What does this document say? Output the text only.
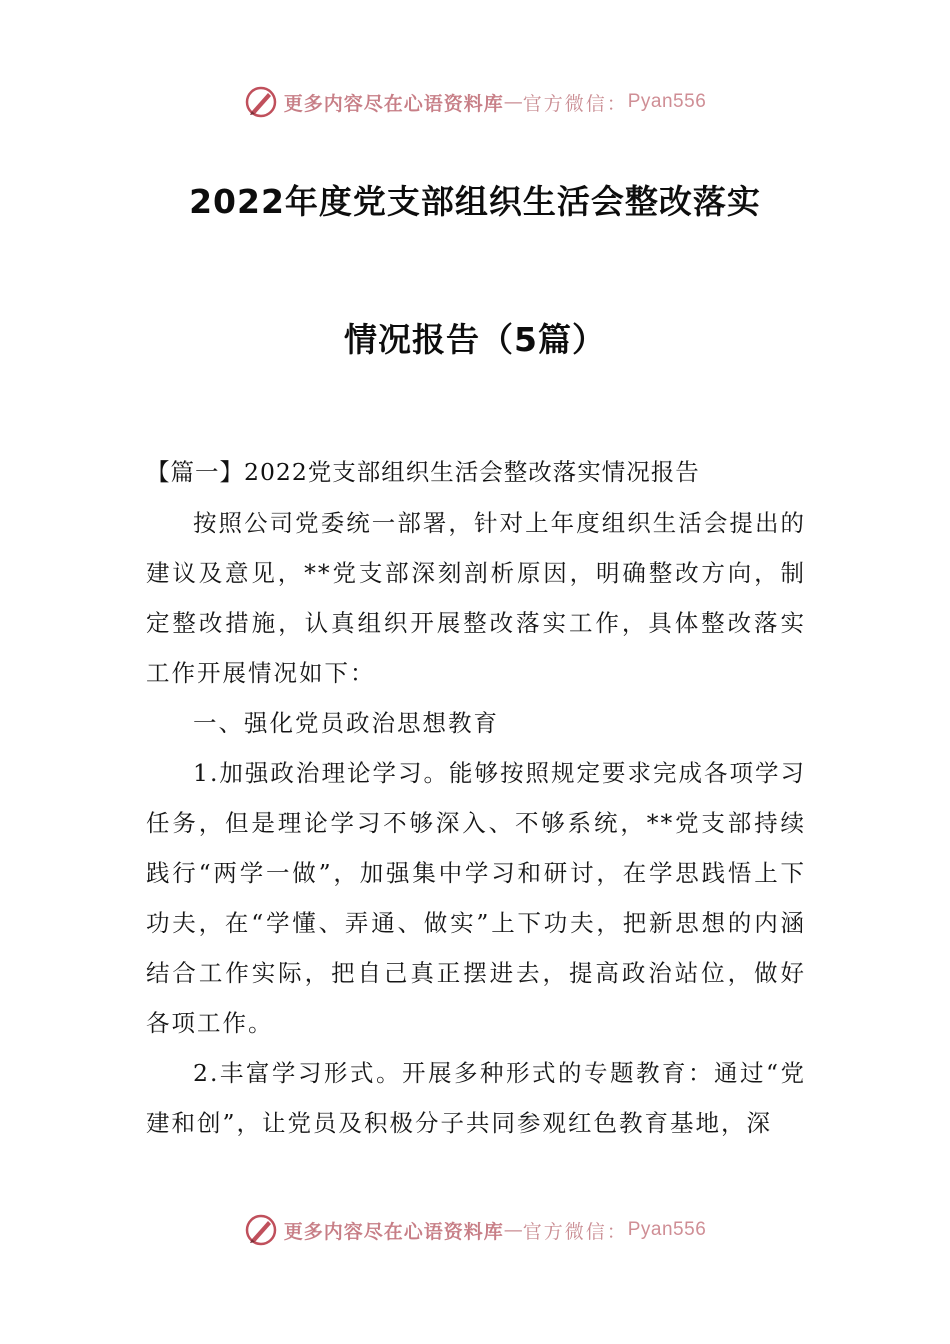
更多内容尽在心语资料库 — 官方微信： Pyan556
2022年度党支部组织生活会整改落实
情况报告（5篇）
【篇一】2022党支部组织生活会整改落实情况报告

按照公司党委统一部署，针对上年度组织生活会提出的建议及意见，**党支部深刻剖析原因，明确整改方向，制定整改措施，认真组织开展整改落实工作，具体整改落实工作开展情况如下：

一、强化党员政治思想教育

1.加强政治理论学习。能够按照规定要求完成各项学习任务，但是理论学习不够深入、不够系统，**党支部持续践行“两学一做”，加强集中学习和研讨，在学思践悟上下功夫，在“学懂、弄通、做实”上下功夫，把新思想的内涵结合工作实际，把自己真正摆进去，提高政治站位，做好各项工作。

2.丰富学习形式。开展多种形式的专题教育：通过“党建和创”，让党员及积极分子共同参观红色教育基地，深

更多内容尽在心语资料库 — 官方微信： Pyan556
